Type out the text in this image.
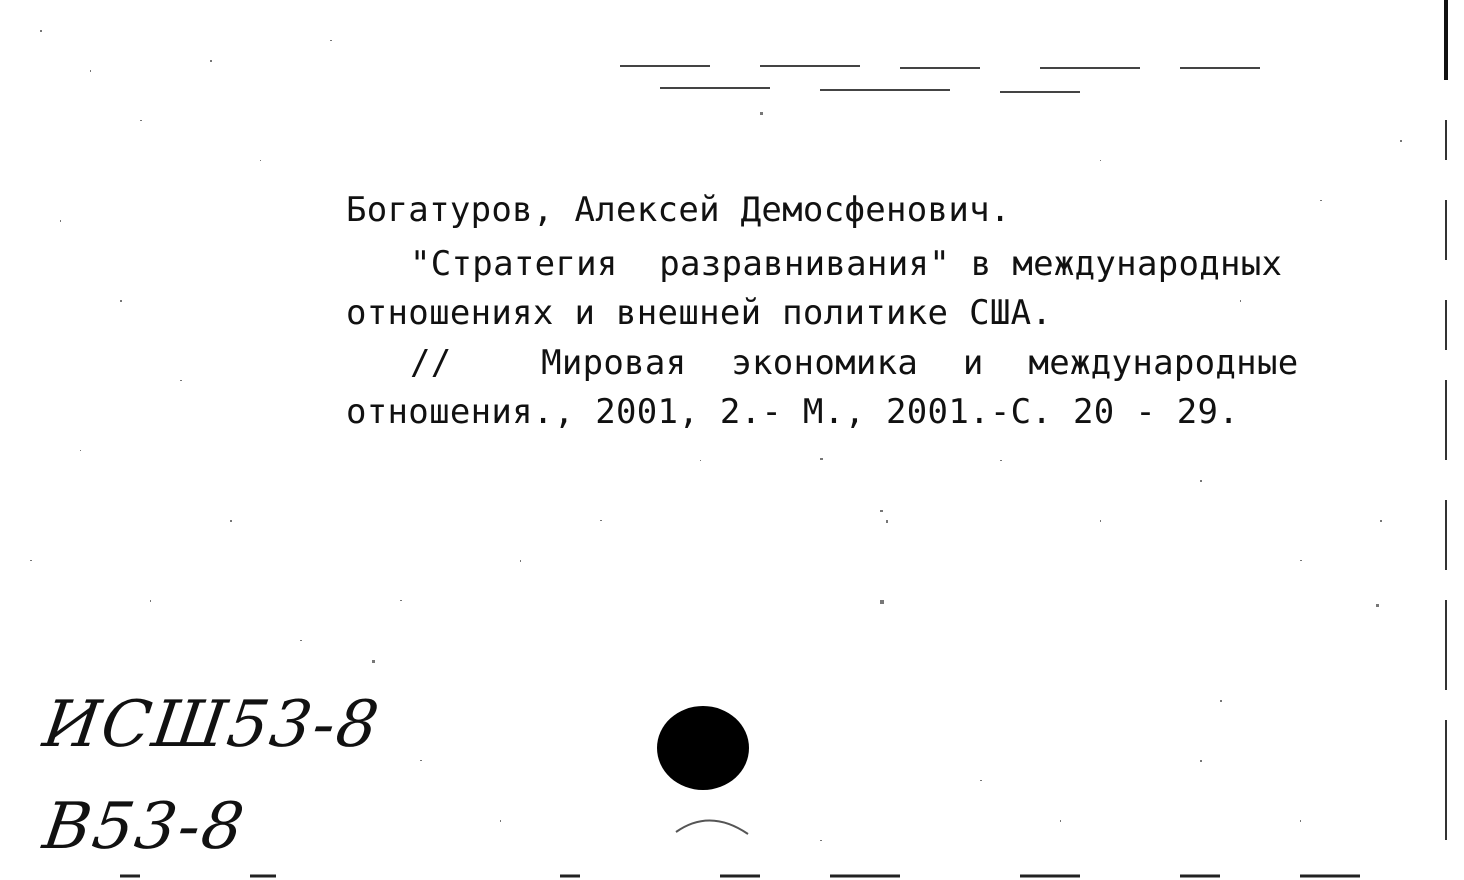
Богатуров, Алексей Демосфенович.
"Стратегия  разравнивания" в международных
отношениях и внешней политике США.
//  Мировая экономика и международные
отношения., 2001, 2.- М., 2001.-С. 20 - 29.
ИСШ53-8
В53-8
